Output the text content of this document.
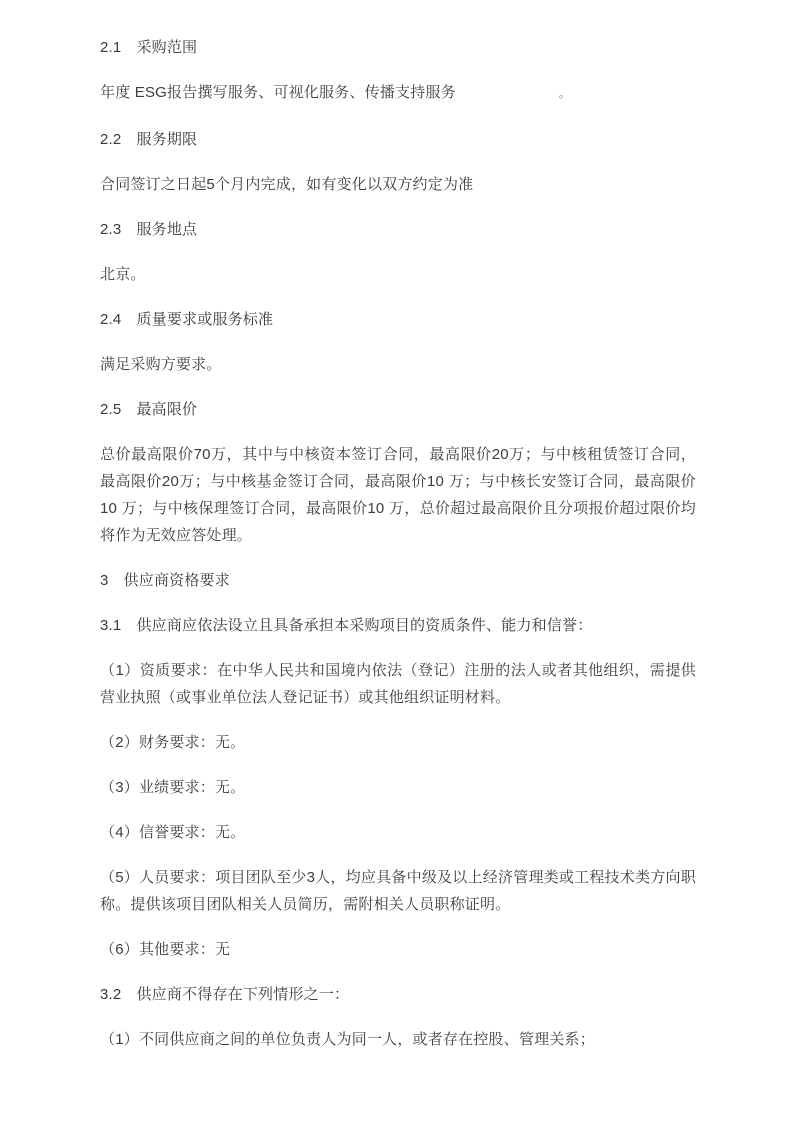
2.1 采购范围

年度 ESG报告撰写服务、可视化服务、传播支持服务	。

2.2 服务期限

合同签订之日起5个月内完成，如有变化以双方约定为准

2.3 服务地点

北京。

2.4 质量要求或服务标准

满足采购方要求。

2.5 最高限价

总价最高限价70万，其中与中核资本签订合同，最高限价20万；与中核租赁签订合同，最高限价20万；与中核基金签订合同，最高限价10 万；与中核长安签订合同，最高限价10 万；与中核保理签订合同，最高限价10 万，总价超过最高限价且分项报价超过限价均将作为无效应答处理。

3 供应商资格要求

3.1 供应商应依法设立且具备承担本采购项目的资质条件、能力和信誉：

（1）资质要求：在中华人民共和国境内依法（登记）注册的法人或者其他组织，需提供营业执照（或事业单位法人登记证书）或其他组织证明材料。

（2）财务要求：无。

（3）业绩要求：无。

（4）信誉要求：无。

（5）人员要求：项目团队至少3人，均应具备中级及以上经济管理类或工程技术类方向职称。提供该项目团队相关人员简历，需附相关人员职称证明。

（6）其他要求：无

3.2 供应商不得存在下列情形之一：

（1）不同供应商之间的单位负责人为同一人，或者存在控股、管理关系；
